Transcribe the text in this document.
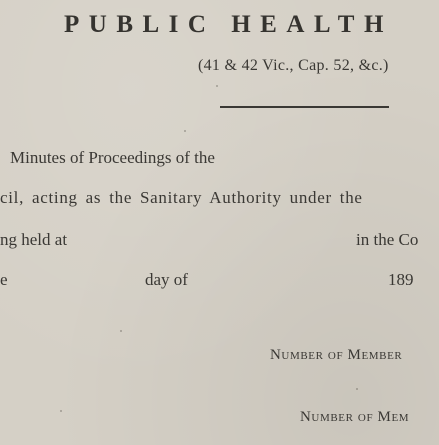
PUBLIC HEALTH
(41 & 42 Vic., Cap. 52, &c.)
Minutes of Proceedings of the
cil, acting as the Sanitary Authority under the
ng held at	in the Co
e	day of	189
Number of Member
Number of Mem
